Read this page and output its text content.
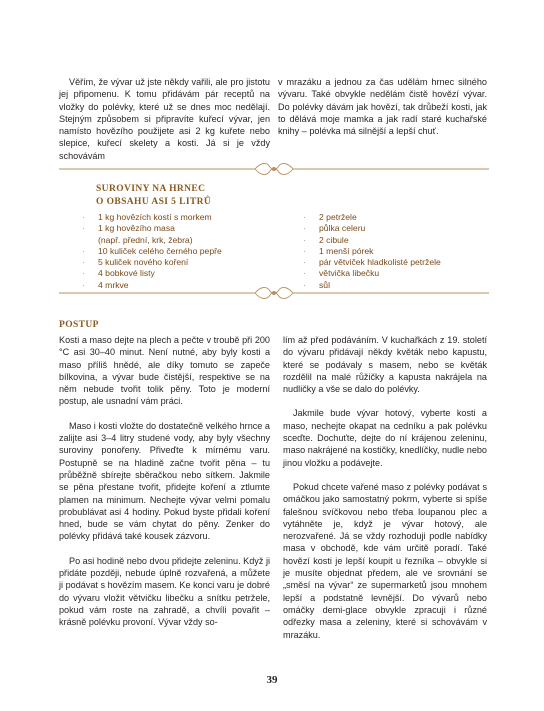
Věřím, že vývar už jste někdy vařili, ale pro jistotu jej připomenu. K tomu přidávám pár receptů na vložky do polévky, které už se dnes moc nedělají. Stejným způsobem si připravíte kuřecí vývar, jen namísto hovězího použijete asi 2 kg kuřete nebo slepice, kuřecí skelety a kosti. Já si je vždy schovávám

v mrazáku a jednou za čas udělám hrnec silného vývaru. Také obvykle nedělám čistě hovězí vývar. Do polévky dávám jak hovězí, tak drůbeží kosti, jak to dělává moje mamka a jak radí staré kuchařské knihy – polévka má silnější a lepší chuť.

SUROVINY NA HRNEC
O OBSAHU ASI 5 LITRŮ
· 1 kg hovězích kostí s morkem
· 1 kg hovězího masa
(např. přední, krk, žebra)
· 10 kuliček celého černého pepře
· 5 kuliček nového koření
· 4 bobkové listy
· 4 mrkve
· 2 petržele
· půlka celeru
· 2 cibule
· 1 menší pórek
· pár větviček hladkolisté petržele
· větvička libečku
· sůl
POSTUP

Kosti a maso dejte na plech a pečte v troubě při 200 °C asi 30–40 minut. Není nutné, aby byly kosti a maso příliš hnědé, ale díky tomuto se zapeče bílkovina, a vývar bude čistější, respektive se na něm nebude tvořit tolik pěny. Toto je moderní postup, ale usnadní vám práci.

Maso i kosti vložte do dostatečně velkého hrnce a zalijte asi 3–4 litry studené vody, aby byly všechny suroviny ponořeny. Přiveďte k mírnému varu. Postupně se na hladině začne tvořit pěna – tu průběžně sbírejte sběračkou nebo sítkem. Jakmile se pěna přestane tvořit, přidejte koření a ztlumte plamen na minimum. Nechejte vývar velmi pomalu probublávat asi 4 hodiny. Pokud byste přidali koření hned, bude se vám chytat do pěny. Zenker do polévky přidává také kousek zázvoru.

Po asi hodině nebo dvou přidejte zeleninu. Když ji přidáte později, nebude úplně rozvařená, a můžete ji podávat s hovězím masem. Ke konci varu je dobré do vývaru vložit větvičku libečku a snítku petržele, pokud vám roste na zahradě, a chvíli povařit – krásně polévku provoní. Vývar vždy so-

lím až před podáváním. V kuchařkách z 19. století do vývaru přidávají někdy květák nebo kapustu, které se podávaly s masem, nebo se květák rozdělil na malé růžičky a kapusta nakrájela na nudličky a vše se dalo do polévky.

Jakmile bude vývar hotový, vyberte kosti a maso, nechejte okapat na cedníku a pak polévku sceďte. Dochuťte, dejte do ní krájenou zeleninu, maso nakrájené na kostičky, knedlíčky, nudle nebo jinou vložku a podávejte.

Pokud chcete vařené maso z polévky podávat s omáčkou jako samostatný pokrm, vyberte si spíše falešnou svíčkovou nebo třeba loupanou plec a vytáhněte je, když je vývar hotový, ale nerozvařené. Já se vždy rozhoduji podle nabídky masa v obchodě, kde vám určitě poradí. Také hovězí kosti je lepší koupit u řezníka – obvykle si je musíte objednat předem, ale ve srovnání se „směsí na vývar“ ze supermarketů jsou mnohem lepší a podstatně levnější. Do vývarů nebo omáčky demi-glace obvykle zpracuji i různé odřezky masa a zeleniny, které si schovávám v mrazáku.

39
